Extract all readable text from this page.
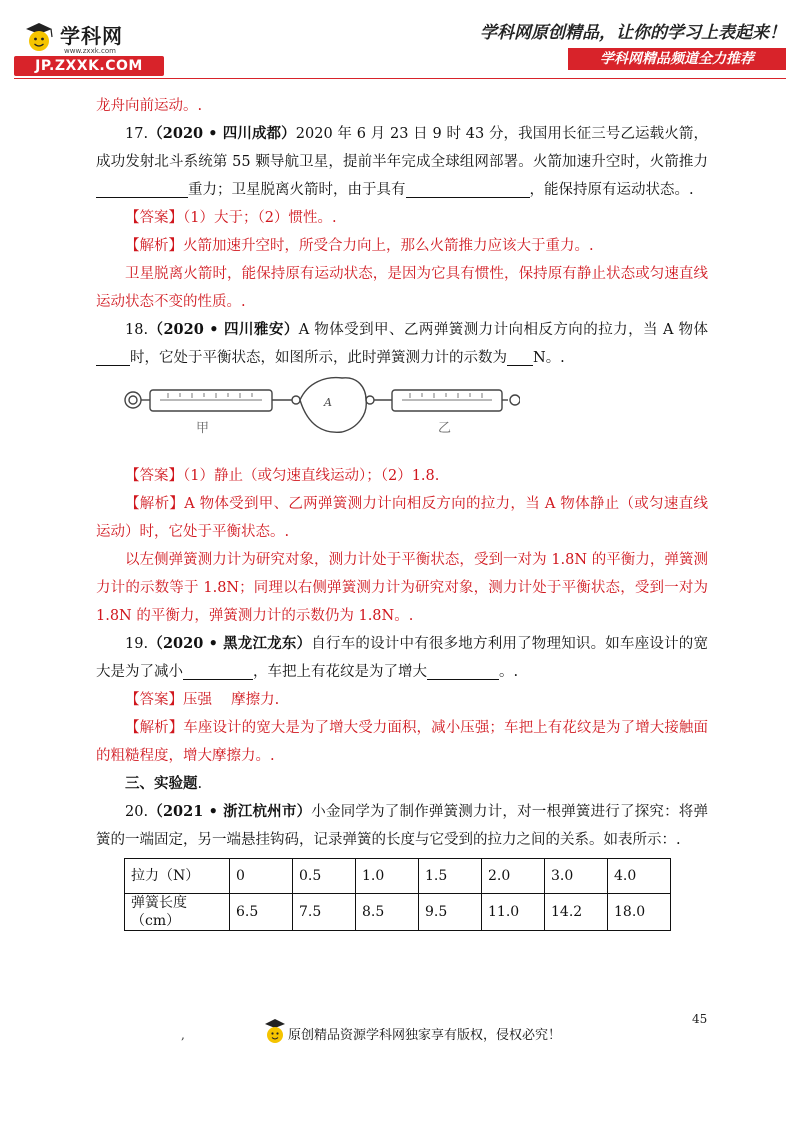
学科网
www.zxxk.com
JP.ZXXK.COM
学科网原创精品，让你的学习上表起来！
学科网精品频道全力推荐

龙舟向前运动。.

17.（2020 • 四川成都）2020 年 6 月 23 日 9 时 43 分，我国用长征三号乙运载火箭，成功发射北斗系统第 55 颗导航卫星，提前半年完成全球组网部署。火箭加速升空时，火箭推力重力；卫星脱离火箭时，由于具有	，能保持原有运动状态。.

【答案】（1）大于；（2）惯性。.

【解析】火箭加速升空时，所受合力向上，那么火箭推力应该大于重力。.

卫星脱离火箭时，能保持原有运动状态，是因为它具有惯性，保持原有静止状态或匀速直线运动状态不变的性质。.

18.（2020 • 四川雅安）A 物体受到甲、乙两弹簧测力计向相反方向的拉力，当 A 物体时，它处于平衡状态，如图所示，此时弹簧测力计的示数为 N。.

A
甲	乙

【答案】（1）静止（或匀速直线运动）；（2）1.8.

【解析】A 物体受到甲、乙两弹簧测力计向相反方向的拉力，当 A 物体静止（或匀速直线运动）时，它处于平衡状态。.

以左侧弹簧测力计为研究对象，测力计处于平衡状态，受到一对为 1.8N 的平衡力，弹簧测力计的示数等于 1.8N；同理以右侧弹簧测力计为研究对象，测力计处于平衡状态，受到一对为 1.8N 的平衡力，弹簧测力计的示数仍为 1.8N。.

19.（2020 • 黑龙江龙东）自行车的设计中有很多地方利用了物理知识。如车座设计的宽大是为了减小	，车把上有花纹是为了增大	。.

【答案】压强　 摩擦力.

【解析】车座设计的宽大是为了增大受力面积，减小压强；车把上有花纹是为了增大接触面的粗糙程度，增大摩擦力。.

三、实验题.

20.（2021 • 浙江杭州市）小金同学为了制作弹簧测力计，对一根弹簧进行了探究：将弹簧的一端固定，另一端悬挂钩码，记录弹簧的长度与它受到的拉力之间的关系。如表所示：.

拉力（N）	0	0.5	1.0	1.5	2.0	3.0	4.0
弹簧长度（cm）	6.5	7.5	8.5	9.5	11.0	14.2	18.0
45
,	原创精品资源学科网独家享有版权，侵权必究！
